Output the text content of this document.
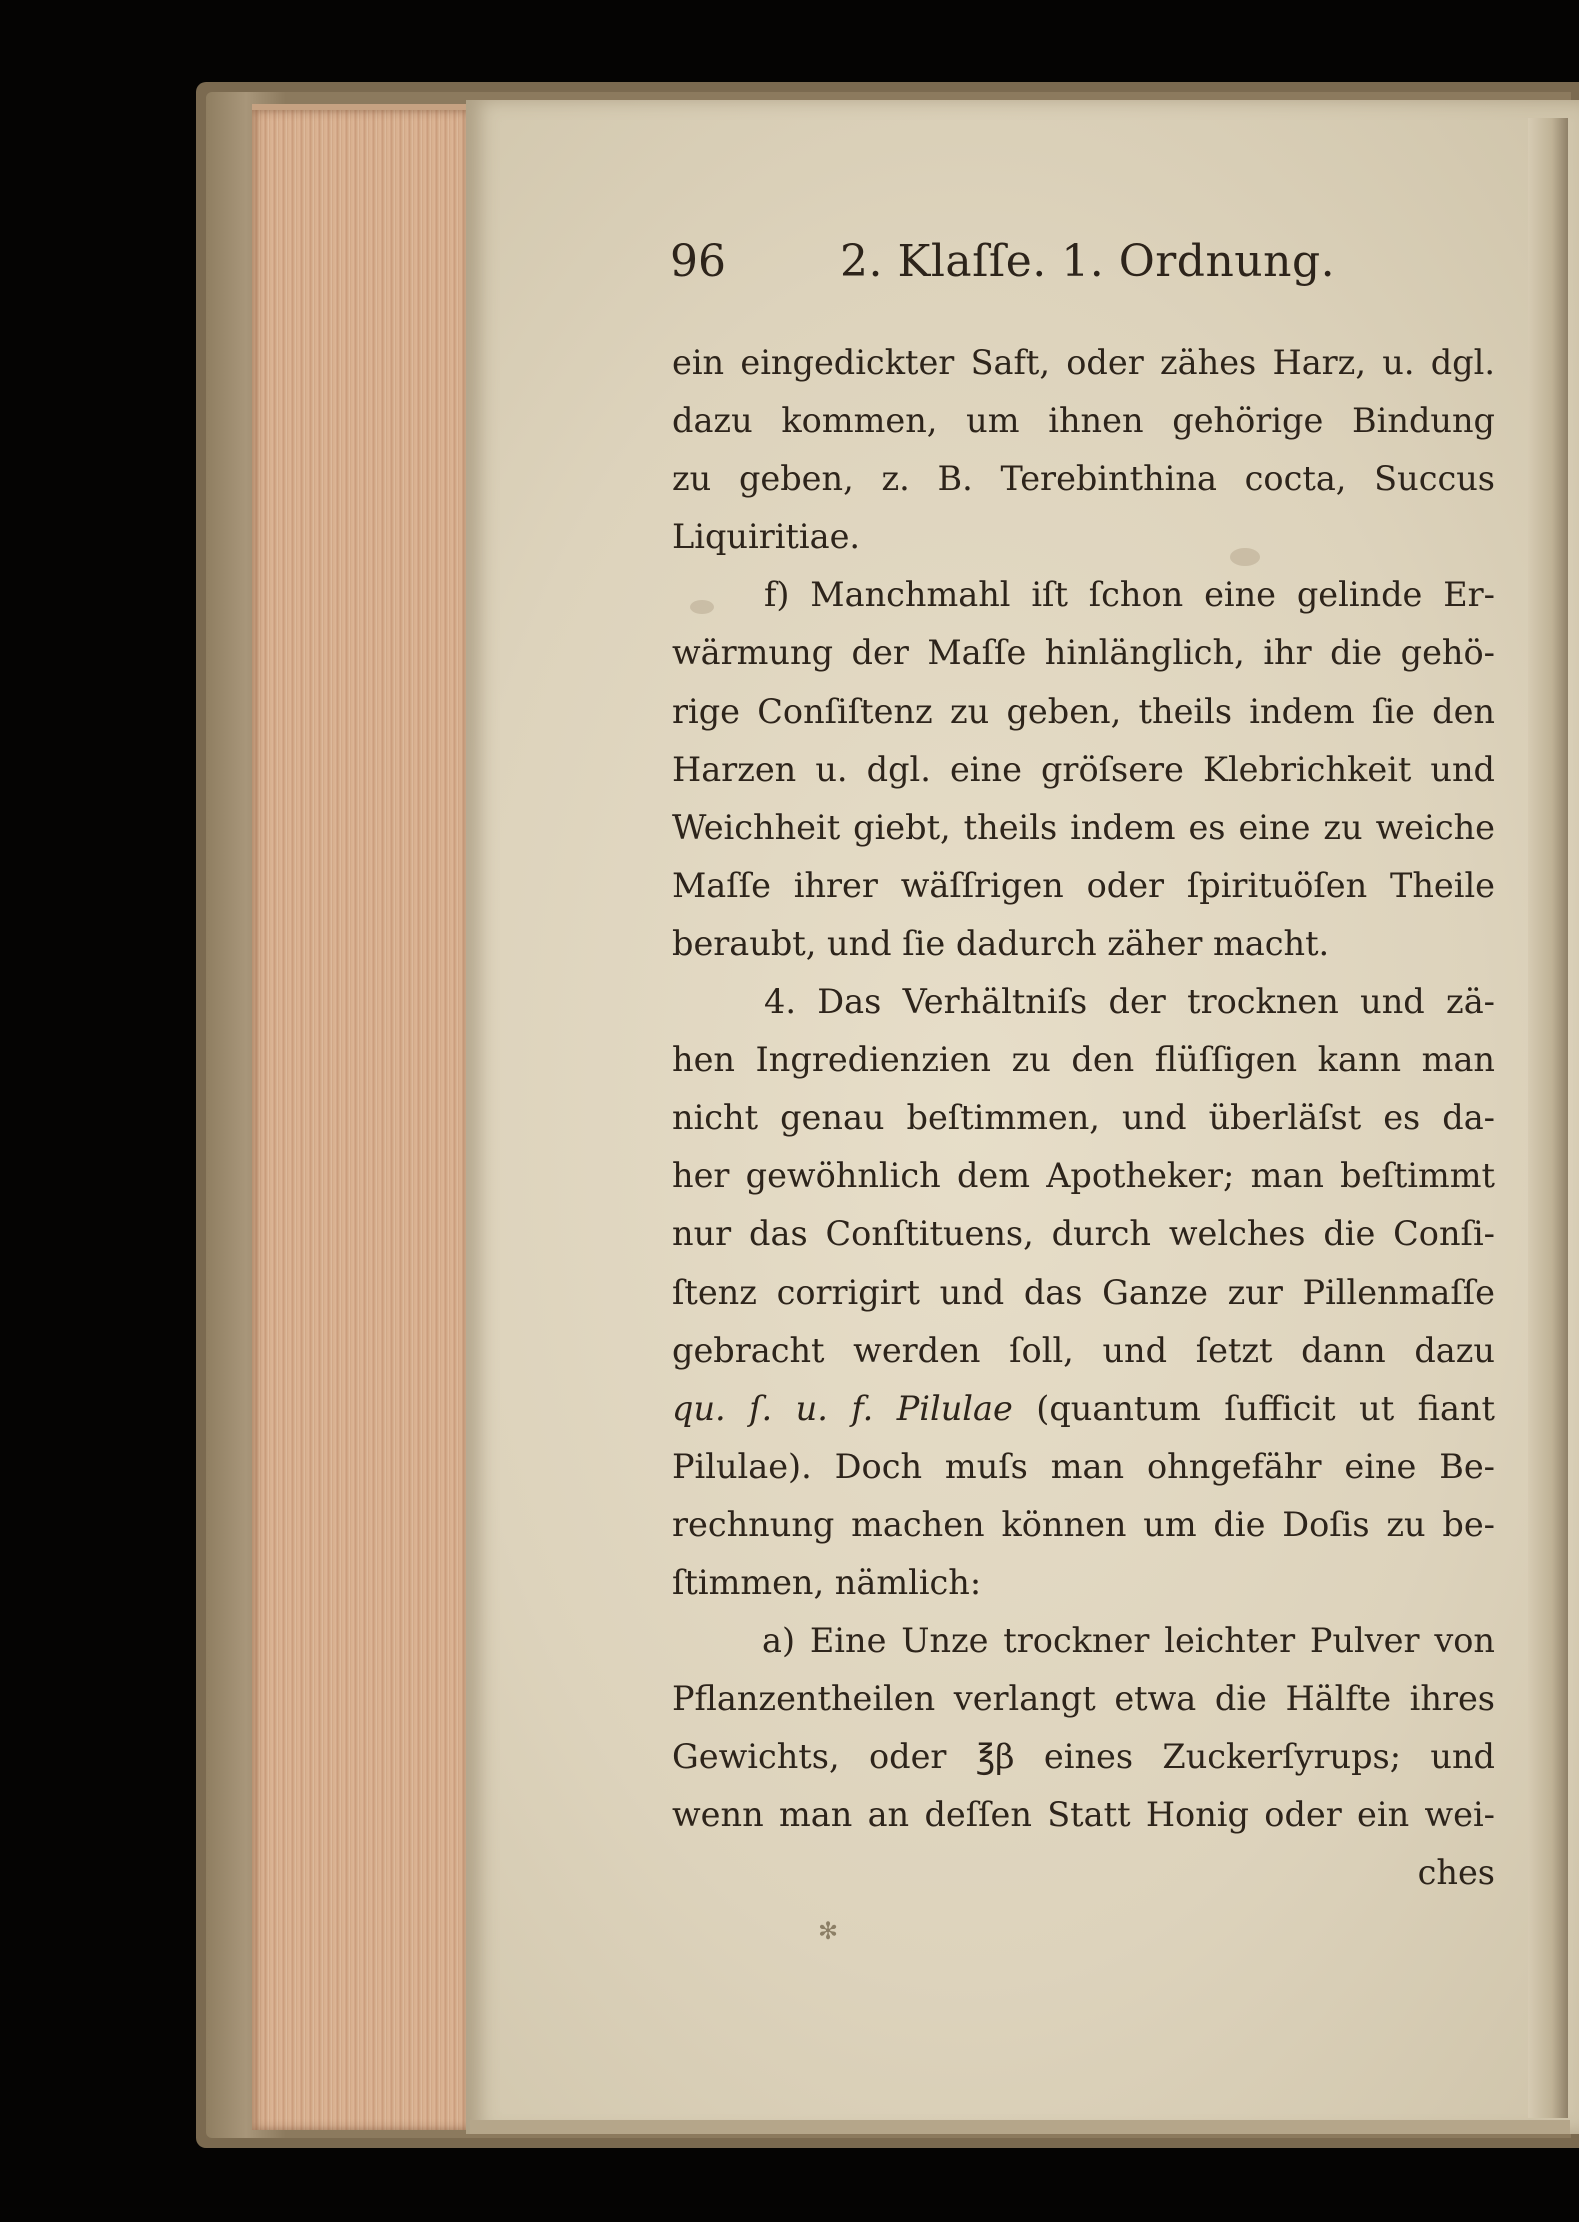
96	2. Klaſſe. 1. Ordnung.
ein eingedickter Saft, oder zähes Harz, u. dgl.
dazu kommen, um ihnen gehörige Bindung
zu geben, z. B. Terebinthina cocta, Succus
Liquiritiae.
f) Manchmahl iſt ſchon eine gelinde Er-
wärmung der Maſſe hinlänglich, ihr die gehö-
rige Conſiſtenz zu geben, theils indem ſie den
Harzen u. dgl. eine gröſsere Klebrichkeit und
Weichheit giebt, theils indem es eine zu weiche
Maſſe ihrer wäſſrigen oder ſpirituöſen Theile
beraubt, und ſie dadurch zäher macht.
4. Das Verhältniſs der trocknen und zä-
hen Ingredienzien zu den flüſſigen kann man
nicht genau beſtimmen, und überläſst es da-
her gewöhnlich dem Apotheker; man beſtimmt
nur das Conſtituens, durch welches die Conſi-
ſtenz corrigirt und das Ganze zur Pillenmaſſe
gebracht werden ſoll, und ſetzt dann dazu
qu. ſ. u. f. Pilulae (quantum ſufficit ut fiant
Pilulae). Doch muſs man ohngefähr eine Be-
rechnung machen können um die Doſis zu be-
ſtimmen, nämlich:
a) Eine Unze trockner leichter Pulver von
Pflanzentheilen verlangt etwa die Hälfte ihres
Gewichts, oder ℥β eines Zuckerſyrups; und
wenn man an deſſen Statt Honig oder ein wei-
ches
✻
